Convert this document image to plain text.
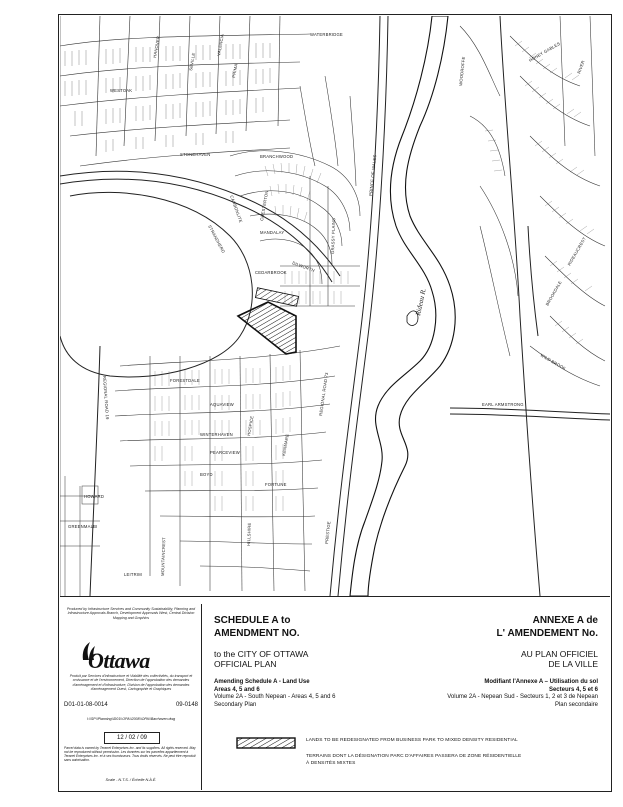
WATERBRIDGE
VALENCIA
PRIMA
SEVILLE
HANOVER
WESTOAK
STONEHAVEN	BRANCHWOOD
CARBONLITE
STRANDHERD
PRINCE OF WALES
Rideau R.
WOODROFFE
PRESTIGE
REGIONAL ROAD 19	REGIONAL ROAD 73	EARL ARMSTRONG
FORESTDALE
AQUAVIEW
PEARCEVIEW
BOYD
HOSPICE
FORTUNE
KENMARE
RIDEAUCREST
BROOKDALE
WILD BROOK
HONEY GABLES
RIVER
CEDARBROOK
GRASSY PLAINS
DILWORTH
CHESTERTON
MANDALAY
WINTERHAVEN
MOUNTAINCREST
LEITRIM
HILLSHIRE
HOWARD
GREENMALBI
Produced by Infrastructure Services and Community Sustainability, Planning and Infrastructure Approvals Branch, Development Approvals West, Central Division Mapping and Graphics
Ottawa
Produit par Services d'infrastructure et Viabilité des collectivités, du transport et croissance et de l'environnement, Direction de l'approbation des demandes d'aménagement et d'infrastructure, Division de l'approbation des demandes d'aménagement Ouest, Cartographie et Graphiques
D01-01-08-0014	09-0148
I:\\SP\\Planning\\D01\\OPA\\2008\\OPA\\Barrhaven.dwg
12 / 02 / 09
Parcel data is owned by Teranet Enterprises Inc. and its suppliers. All rights reserved. May not be reproduced without permission. Les données sur les parcelles appartiennent à Teranet Enterprises Inc. et à ses fournisseurs. Tous droits réservés. Ne peut être reproduit sans autorisation.
Scale - N.T.S. / Échelle N.À.É.
SCHEDULE A to
AMENDMENT NO.
to the CITY OF OTTAWA
OFFICIAL PLAN
Amending Schedule A - Land Use
Areas 4, 5 and 6
Volume 2A - South Nepean - Areas 4, 5 and 6
Secondary Plan
ANNEXE A de
L' AMENDEMENT No.
AU PLAN OFFICIEL
DE LA VILLE
Modifiant l'Annexe A – Utilisation du sol
Secteurs 4, 5 et 6
Volume 2A - Nepean Sud - Secteurs 1, 2 et 3 de Nepean
Plan secondaire
LANDS TO BE REDESIGNATED FROM BUSINESS PARK TO MIXED DENSITY RESIDENTIAL
TERRAINS DONT LA DÉSIGNATION PARC D'AFFAIRES PASSERA DE ZONE RÉSIDENTIELLE
À DENSITÉS MIXTES
